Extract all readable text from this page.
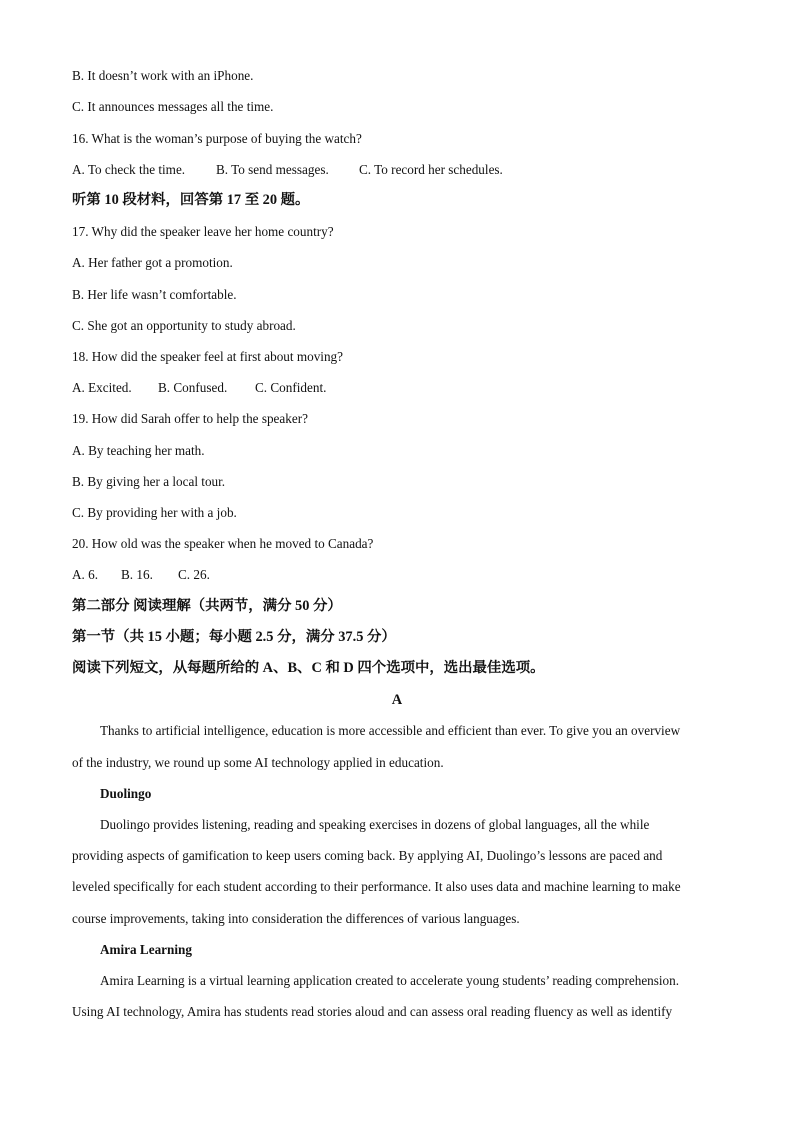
B. It doesn’t work with an iPhone.
C. It announces messages all the time.
16. What is the woman’s purpose of buying the watch?
A. To check the time. B. To send messages. C. To record her schedules.
听第 10 段材料，回答第 17 至 20 题。
17. Why did the speaker leave her home country?
A. Her father got a promotion.
B. Her life wasn’t comfortable.
C. She got an opportunity to study abroad.
18. How did the speaker feel at first about moving?
A. Excited. B. Confused. C. Confident.
19. How did Sarah offer to help the speaker?
A. By teaching her math.
B. By giving her a local tour.
C. By providing her with a job.
20. How old was the speaker when he moved to Canada?
A. 6. B. 16. C. 26.
第二部分 阅读理解（共两节，满分 50 分）
第一节（共 15 小题；每小题 2.5 分，满分 37.5 分）
阅读下列短文，从每题所给的 A、B、C 和 D 四个选项中，选出最佳选项。
A
Thanks to artificial intelligence, education is more accessible and efficient than ever. To give you an overview
of the industry, we round up some AI technology applied in education.
Duolingo
Duolingo provides listening, reading and speaking exercises in dozens of global languages, all the while
providing aspects of gamification to keep users coming back. By applying AI, Duolingo’s lessons are paced and
leveled specifically for each student according to their performance. It also uses data and machine learning to make
course improvements, taking into consideration the differences of various languages.
Amira Learning
Amira Learning is a virtual learning application created to accelerate young students’ reading comprehension.
Using AI technology, Amira has students read stories aloud and can assess oral reading fluency as well as identify
